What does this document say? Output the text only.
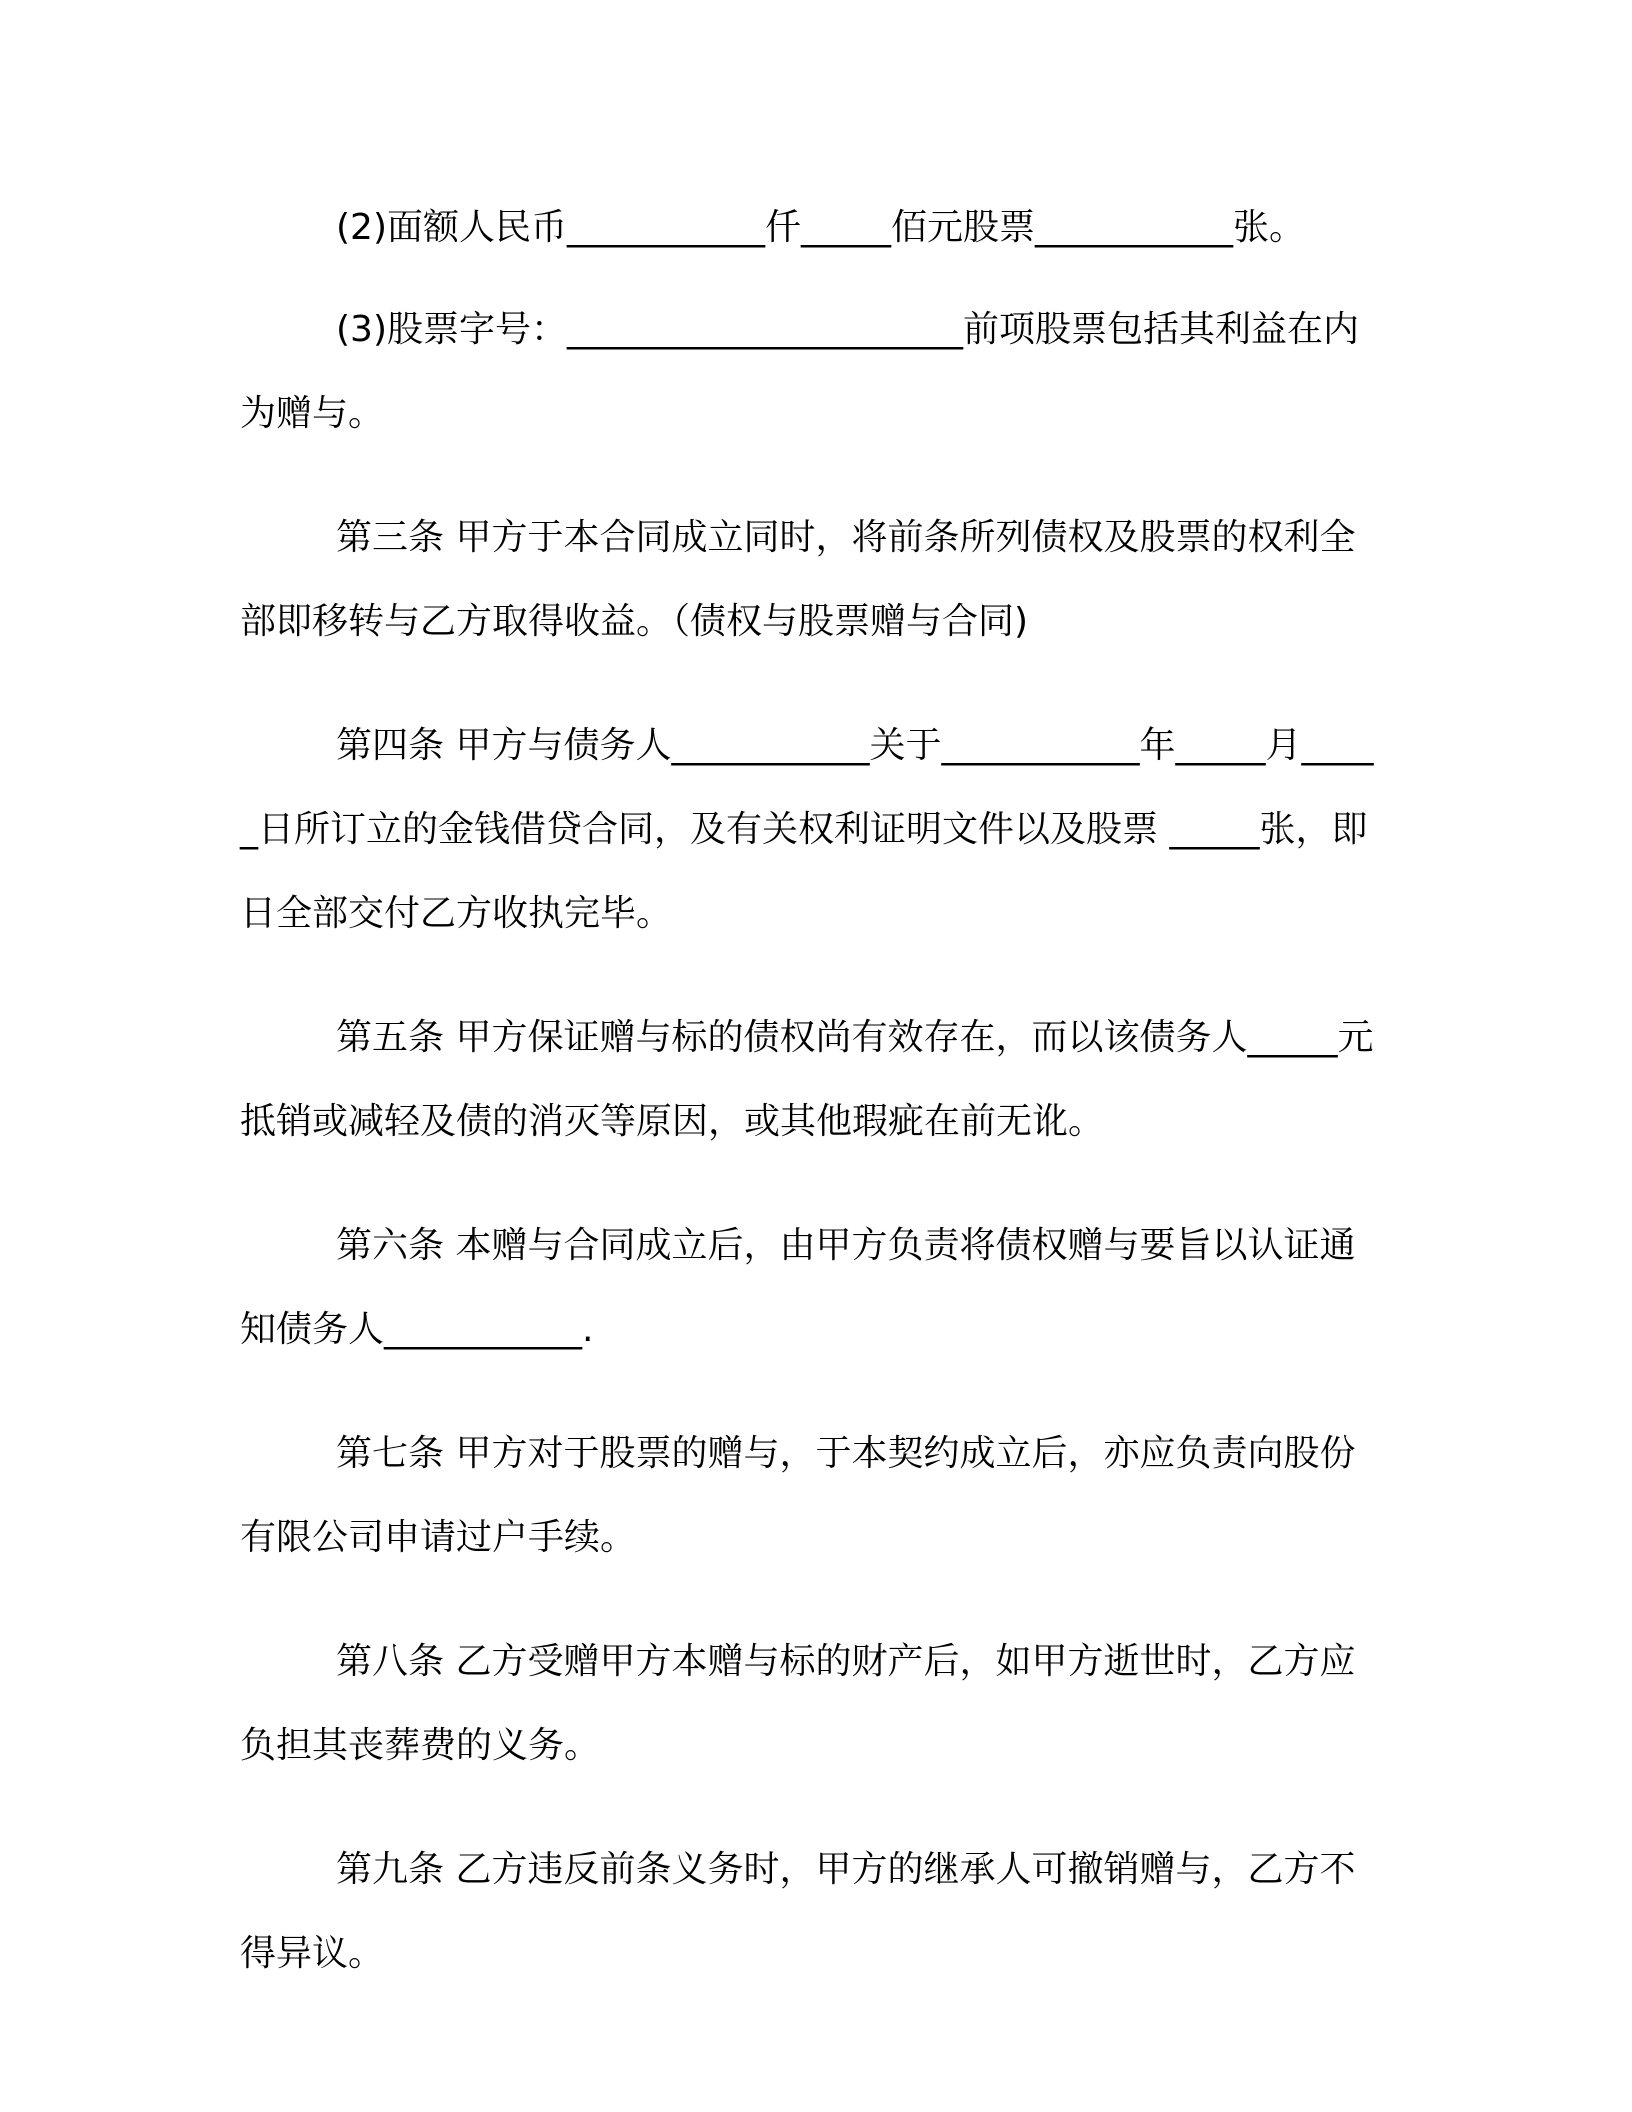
(2)面额人民币___________仟_____佰元股票___________张。

(3)股票字号：______________________前项股票包括其利益在内为赠与。

第三条 甲方于本合同成立同时，将前条所列债权及股票的权利全部即移转与乙方取得收益。（债权与股票赠与合同)

第四条 甲方与债务人___________关于___________年_____月_____日所订立的金钱借贷合同，及有关权利证明文件以及股票 _____张，即日全部交付乙方收执完毕。

第五条 甲方保证赠与标的债权尚有效存在，而以该债务人_____元抵销或减轻及债的消灭等原因，或其他瑕疵在前无讹。

第六条 本赠与合同成立后，由甲方负责将债权赠与要旨以认证通知债务人___________.

第七条 甲方对于股票的赠与，于本契约成立后，亦应负责向股份有限公司申请过户手续。

第八条 乙方受赠甲方本赠与标的财产后，如甲方逝世时，乙方应负担其丧葬费的义务。

第九条 乙方违反前条义务时，甲方的继承人可撤销赠与，乙方不得异议。
